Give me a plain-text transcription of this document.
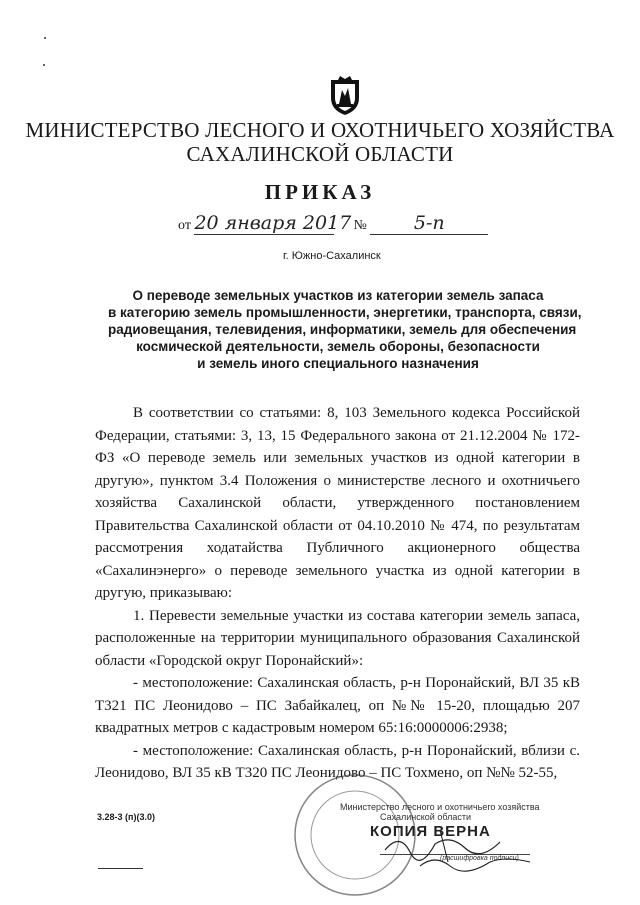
МИНИСТЕРСТВО ЛЕСНОГО И ОХОТНИЧЬЕГО ХОЗЯЙСТВА
САХАЛИНСКОЙ ОБЛАСТИ
ПРИКАЗ
от 20 января 2017 № 5-п
г. Южно-Сахалинск
О переводе земельных участков из категории земель запаса
в категорию земель промышленности, энергетики, транспорта, связи,
радиовещания, телевидения, информатики, земель для обеспечения
космической деятельности, земель обороны, безопасности
и земель иного специального назначения

В соответствии со статьями: 8, 103 Земельного кодекса Российской Федерации, статьями: 3, 13, 15 Федерального закона от 21.12.2004 № 172-ФЗ «О переводе земель или земельных участков из одной категории в другую», пунктом 3.4 Положения о министерстве лесного и охотничьего хозяйства Сахалинской области, утвержденного постановлением Правительства Сахалинской области от 04.10.2010 № 474, по результатам рассмотрения ходатайства Публичного акционерного общества «Сахалинэнерго» о переводе земельного участка из одной категории в другую, приказываю:

1. Перевести земельные участки из состава категории земель запаса, расположенные на территории муниципального образования Сахалинской области «Городской округ Поронайский»:

- местоположение: Сахалинская область, р-н Поронайский, ВЛ 35 кВ Т321 ПС Леонидово – ПС Забайкалец, оп №№ 15-20, площадью 207 квадратных метров с кадастровым номером 65:16:0000006:2938;

- местоположение: Сахалинская область, р-н Поронайский, вблизи с. Леонидово, ВЛ 35 кВ Т320 ПС Леонидово – ПС Тохмено, оп №№ 52-55,

3.28-3 (п)(3.0)
Министерство лесного и охотничьего хозяйства
Сахалинской области
КОПИЯ ВЕРНА
(расшифровка подписи)
